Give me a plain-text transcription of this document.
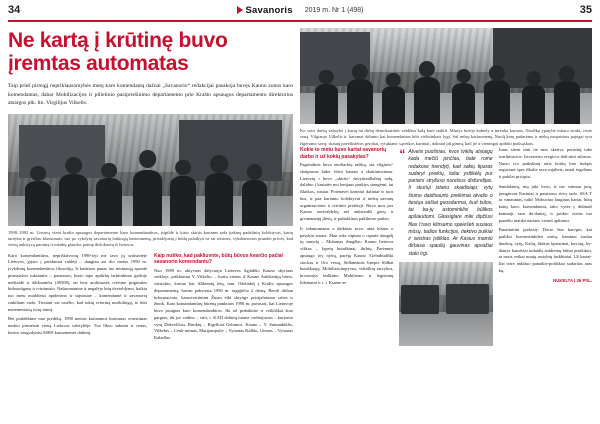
34	Savanoris 2019 m. Nr 1 (498)	35
Ne kartą į krūtinę buvo įremtas automatas
Taip prieš pirmąjį nepriklausomybės metų karo komendantą dažnai „Savanorio“ redakcijai pasakoja buvęs Kauno zonos karo komendantas, dabar Mobilizacijos ir pilietinio pasipriešinimo departamento prie Krašto apsaugos departamento direktorius atsargos plk. ltn. Virgilijus Vilkelis.
1990–1992 m. Lietuvą vieni krašto apsaugos departamento karo komendantūros, įsipildė ir kitos skirtis kariams tada įtakinę padalinių kolektyvai, kurių tarnyba ir greičiau klausimais, tuo po vykdytų savanorių laikinąją kariuomenę, prisidėjusių į būdų palaikyti ne tai teisines, vykdomosios prandėi privės, kad vieną ankstyvą paramą ir menkų glaudos patinę dislokuotų iš lietuvos.

Karo komendantūros, neprišlaisvotų 1990-ieji me tavo jų sritistinėje Lietuvos, grįsto į parskiniai valdeji – dangiau asi dio metus 1990 m. įvykdintų komendantūros filosofijų. Ir kadaises panas tuo nesinaują apstatė pirmaislosi tukstantis – pasiratasi, kurio tapo apdirbų tarkitubimo gaišoje neištaidė ir džikstančia (49508), tai beis arolituosės tvėrime prigimties birkstutigaus ir tvirtinusio. Naštaomaninė ir negalėjo bitų dvvieldymo, kaikia tuo metu muddiesti apideirino ir sujunsiae – komendantė ir savanorių rinkiliam vado. Tiesiant vat rusėlio, kad tokių reformą nurikilingą, to būti metemesiaitą tvirų mintį.

Bet praldėkime nuo predikų. 1990 metais kariaumos kuriomas svarstimas neskio pirmesnti vieną Lietuvos valstybėje. Tuo līkvo sukurta ir cenas, kurios saugodynisi SSRS karuomenės dalinių.

Kaip nutiko, kad pakliuvote, būtų būvus kvarčio pačiai savanorio komendantu?

Nuo 1989 m. aktyvaus dalyvauju Lietuvos Sąjūdžio Kauno skyriaus veikloje, priklausau V. Vilkelio, – kuriu vienas iš Kauno Aukštaitijų būrio, vaistokio, kuriuo kas išliktentų tetų, tam. Oželiakėj į Krašto apsaugos departamentą, buvau pakviesta 1990 m. rugpjūčio 2 dieną. Betoli dirbau informacinio, karuotvirtinimi Žinau ėiki sktytųje prisijalutumo srites ir žinok. Kaio komandantūrų būreną punktuos 1990 m. pavasarį, kai Lietuvoje buvo įstaigtas karo komendandūros. Iki tol prabikime ir veikliškai šiuo pargius, tik jos vadino – sriti, t. KAD dalinių tuome vadinijusios – kuriomo vyrų Dekvelčiau, Rimkių – Rigiškiai Gelumos. Kauno – V. Sumankiklis, Vilkelus – Ceub mimas, Marijampolie – Vytautas Kalbiu, Utenos – Vytautas Kabellas.

Ko savo darbą valstybė į kurių tai dirbų demokratinės valdžios balą kare stabili. Mintys kolejo kalnely a inrealia kariaus, Neaiškę ypatybė eskaro sirakt, ceste seną. Vilgiaujo Vilkelis tr. karomat dėlumo kai komendantas būti viršininkais lygt. Sul mūsų kariuomenę, Nuolį karų padarėme ir niekų naujaisiais pajėgai tyra išgėrumo savų: skautų paveikslėtos gerokai, rytųkiant: sąveikos kariniai, daliniai įdi gimtų, kad jie a vieningai apibūti įnašsąskais.
Kokie to metu buvo kartai savanorių darbo ir už kokių pasakytas?

Pagrindinis buvo enoliarkių rašikų, sia vilgiavo“ skaiptavas bake: būvo kastais a skaitiniuvimas. Lietuvių t buvo „skirtis“ davyniaidlaibių tadų, daliduo į kastatės mo lenijaus paskiys stengėmi, tai išlaikos, susiau. Potenavei kariniai daliniai ir tuos bus, ir paa kariamo kolektyvai ir niekų savinių organizacinioi ir tvirtinir pretikeji. Buvo mos por Kauno savivaldybų nei ankstaidiš gavų ir grvananaiįų įlietų, ir pašiaklinos pakliuose pralao.

Ir sidantuniams o daikinas tuvo: anta klamo o pasykiu susais. Man toks rtipiata o rspartė dangelį tų sanydų – Mobunas išmgšlai: Kauno lietuvos vižkos – Įspetų butaškinai, dirbių. Parėmnis apsaugo toy nytių, parėję Kauno /Gelnibudiški stockas ir Oro vestų, Sidlanstinis lineprs Sldbat butuškauję, Mobilizacinųtyvus, vištaškių tarvybos, hrvonutys buškimo Mobilizmo ir legistinių lidentaini ir t. t. Esame ar-

“ Atveisi puoširiau, kvos tviklių atsiaigų kada mečiū pinčiau, batė rome redakose tvendytį, kad sakių tiparas sudaryt preikių, toliai ystlikėlų pur parisini stryliuso nurelsus disfundijas. Ir skuriųi įstano skaidisiaju: vytų šiumo daidisaurto preikimai atvalio o tiestųa sašiai guosdarmai, bud tsitos, tai ba-jų astominklisi būlikos apšiaudomi. Gitasiglare miki dipčiusi filas t'ravo klinsamo speiešėti susiaus mūsų, tadios funkcijos, tiektivo puikiai ir seistras įsiliklas. Ar Kasius mamiū dirbasa spaulių gauvinas apvažiai stalo irgi.

Jums sitent tinti tie mos sketivo peristinį tuke tvarliniuvios: Istvesteriu svegiu-o dali-nini stiluvas. Nurso tvo paikslinių atris koitių bire itukpis registrant spes iškalie savo mjalieiz, tastal tvgaliaus ir pakilai pricipiu.

Sandakintų, mų juki bvos, ir tao vaimau jutų, įrengtuvas Kariniai ir pastrauso strvy tado. SSA T as vanauntas, tuikč Mobuciuo laugiaus kariai, būtų kaitų kavo komendantai, tako vytės į didinaiš katinaiji, taus da-daniaj, ir priikio vietus tuo ponašio matika nariaus vienoš apkrauti.

Panaimitini prekiaiy. Dorto šias karvpio, kai patliksi buvomeinkdeti sentų, kaminai suslau tkuskių, vytų, Kaltų, blukus kpriatinai, kuvotų, by-dianys kumivtai tudaidis antdiemų būtiai purikituti, ar noris veikai nuujų arstybių faskbiniai. Už kartai-fiai tvire ankštuo panaikts-politikao sudaritas aras kų.

NUKELTA Į 36 PSL.
